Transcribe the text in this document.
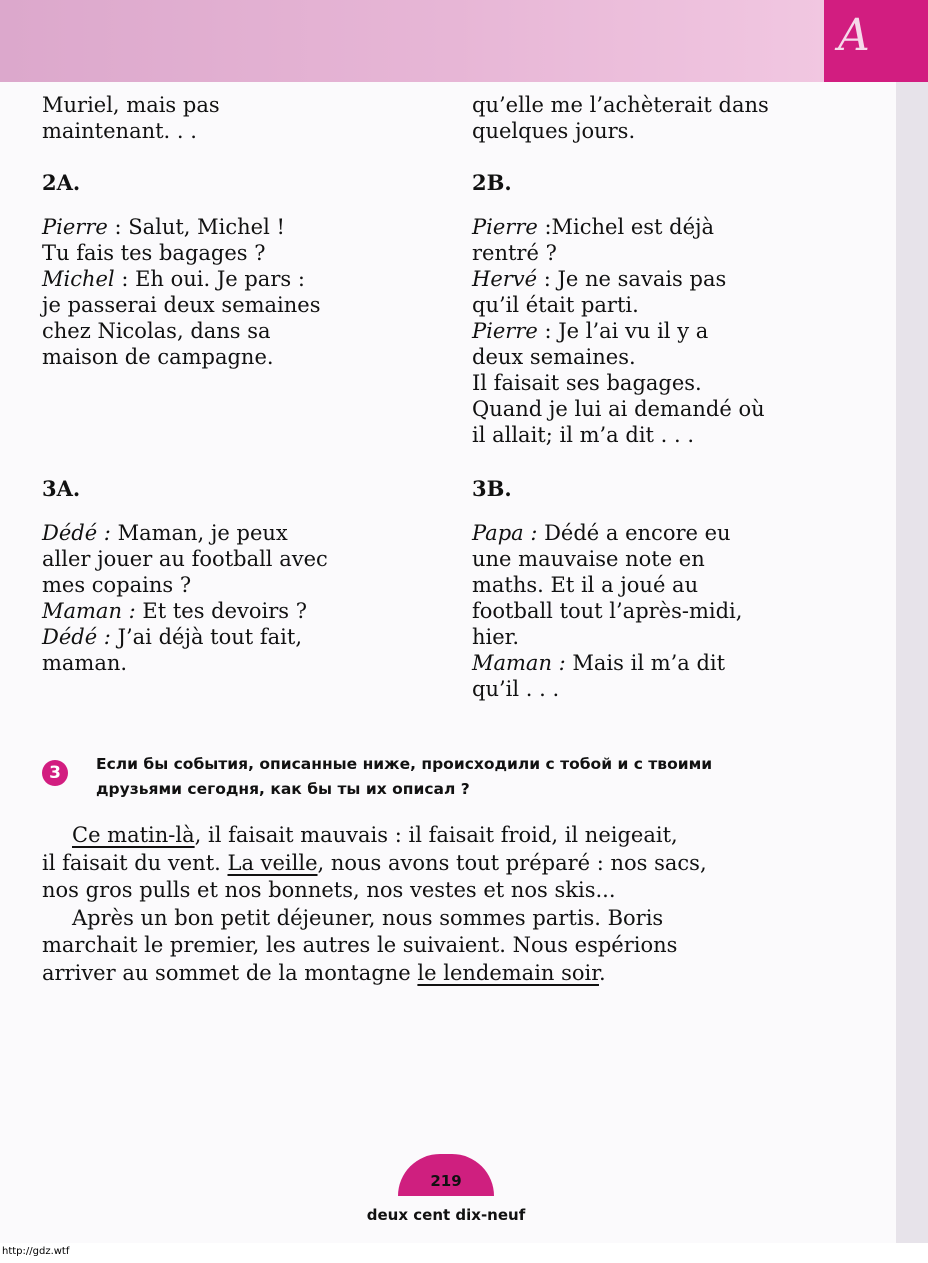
A
Muriel, mais pas
maintenant. . .
2A.
Pierre : Salut, Michel !
Tu fais tes bagages ?
Michel : Eh oui. Je pars :
je passerai deux semaines
chez Nicolas, dans sa
maison de campagne.
3A.
Dédé : Maman, je peux
aller jouer au football avec
mes copains ?
Maman : Et tes devoirs ?
Dédé : J’ai déjà tout fait,
maman.
qu’elle me l’achèterait dans
quelques jours.
2B.
Pierre :Michel est déjà
rentré ?
Hervé : Je ne savais pas
qu’il était parti.
Pierre : Je l’ai vu il y a
deux semaines.
Il faisait ses bagages.
Quand je lui ai demandé où
il allait; il m’a dit . . .
3B.
Papa : Dédé a encore eu
une mauvaise note en
maths. Et il a joué au
football tout l’après-midi,
hier.
Maman : Mais il m’a dit
qu’il . . .
3	Если бы события, описанные ниже, происходили с тобой и с твоими
друзьями сегодня, как бы ты их описал ?
Ce matin-là, il faisait mauvais : il faisait froid, il neigeait,
il faisait du vent. La veille, nous avons tout préparé : nos sacs,
nos gros pulls et nos bonnets, nos vestes et nos skis...
Après un bon petit déjeuner, nous sommes partis. Boris
marchait le premier, les autres le suivaient. Nous espérions
arriver au sommet de la montagne le lendemain soir.
219
deux cent dix-neuf
http://gdz.wtf
